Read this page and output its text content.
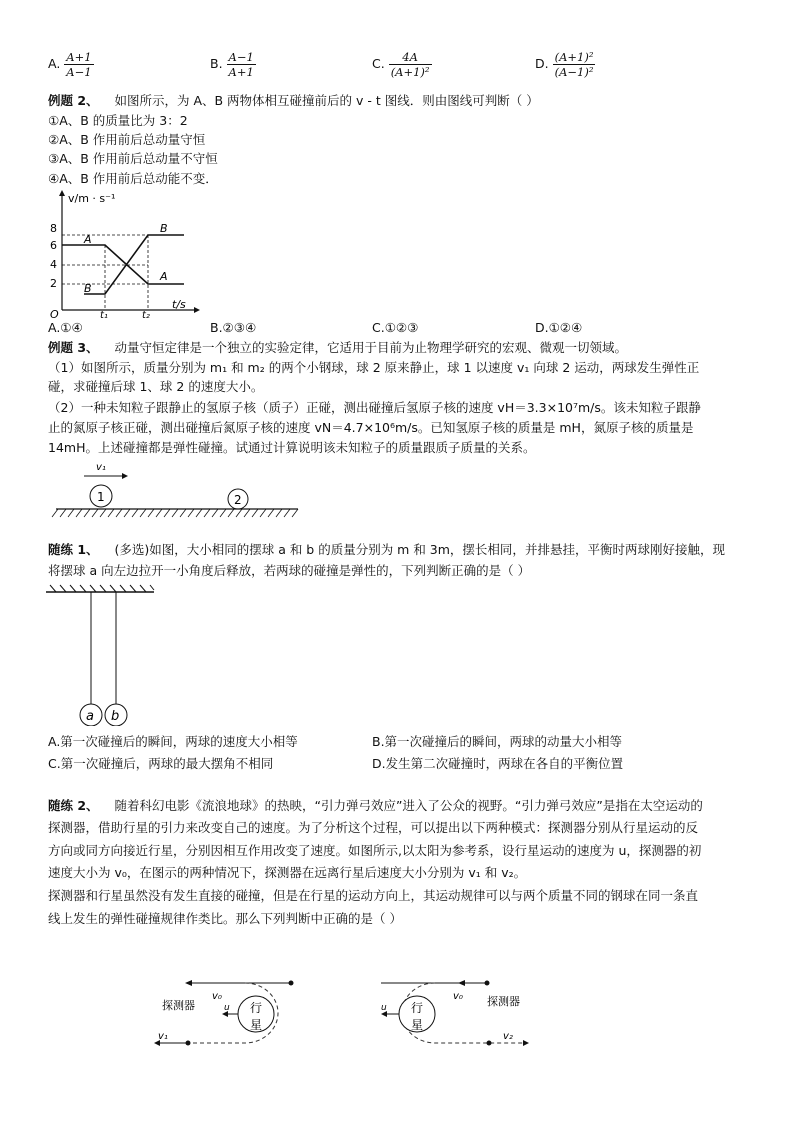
A. $\frac{A+1}{A-1}$	B. $\frac{A-1}{A+1}$	C. $\frac{4A}{\text{(A+1)²}}$	D. $\frac{\text{(A+1)²}}{\text{(A−1)²}}$
例题 2、 如图所示，为 A、B 两物体相互碰撞前后的 v - t 图线．则由图线可判断（ ）
①A、B 的质量比为 3：2
②A、B 作用前后总动量守恒
③A、B 作用前后总动量不守恒
④A、B 作用前后总动能不变．
v/m · s⁻¹
t/s
O
8
6
4
2
A
A
B
B
t₁	t₂
A.①④	B.②③④	C.①②③	D.①②④
例题 3、 动量守恒定律是一个独立的实验定律，它适用于目前为止物理学研究的宏观、微观一切领域。
（1）如图所示，质量分别为 m₁ 和 m₂ 的两个小钢球，球 2 原来静止，球 1 以速度 v₁ 向球 2 运动，两球发生弹性正
碰，求碰撞后球 1、球 2 的速度大小。
（2）一种未知粒子跟静止的氢原子核（质子）正碰，测出碰撞后氢原子核的速度 vH＝3.3×10⁷m/s。该未知粒子跟静
止的氮原子核正碰，测出碰撞后氮原子核的速度 vN＝4.7×10⁶m/s。已知氢原子核的质量是 mH，氮原子核的质量是
14mH。上述碰撞都是弹性碰撞。试通过计算说明该未知粒子的质量跟质子质量的关系。
v₁
1	2
随练 1、 (多选)如图，大小相同的摆球 a 和 b 的质量分别为 m 和 3m，摆长相同，并排悬挂，平衡时两球刚好接触，现
将摆球 a 向左边拉开一小角度后释放，若两球的碰撞是弹性的，下列判断正确的是（ ）
a b
A.第一次碰撞后的瞬间，两球的速度大小相等	B.第一次碰撞后的瞬间，两球的动量大小相等
C.第一次碰撞后，两球的最大摆角不相同	D.发生第二次碰撞时，两球在各自的平衡位置
随练 2、 随着科幻电影《流浪地球》的热映，“引力弹弓效应”进入了公众的视野。“引力弹弓效应”是指在太空运动的
探测器，借助行星的引力来改变自己的速度。为了分析这个过程，可以提出以下两种模式：探测器分别从行星运动的反
方向或同方向接近行星，分别因相互作用改变了速度。如图所示,以太阳为参考系，设行星运动的速度为 u，探测器的初
速度大小为 v₀，在图示的两种情况下，探测器在远离行星后速度大小分别为 v₁ 和 v₂。
探测器和行星虽然没有发生直接的碰撞，但是在行星的运动方向上，其运动规律可以与两个质量不同的钢球在同一条直
线上发生的弹性碰撞规律作类比。那么下列判断中正确的是（ ）
探测器
v₀
行
星
u
v₁
v₀ 探测器
行
星
u
v₂
